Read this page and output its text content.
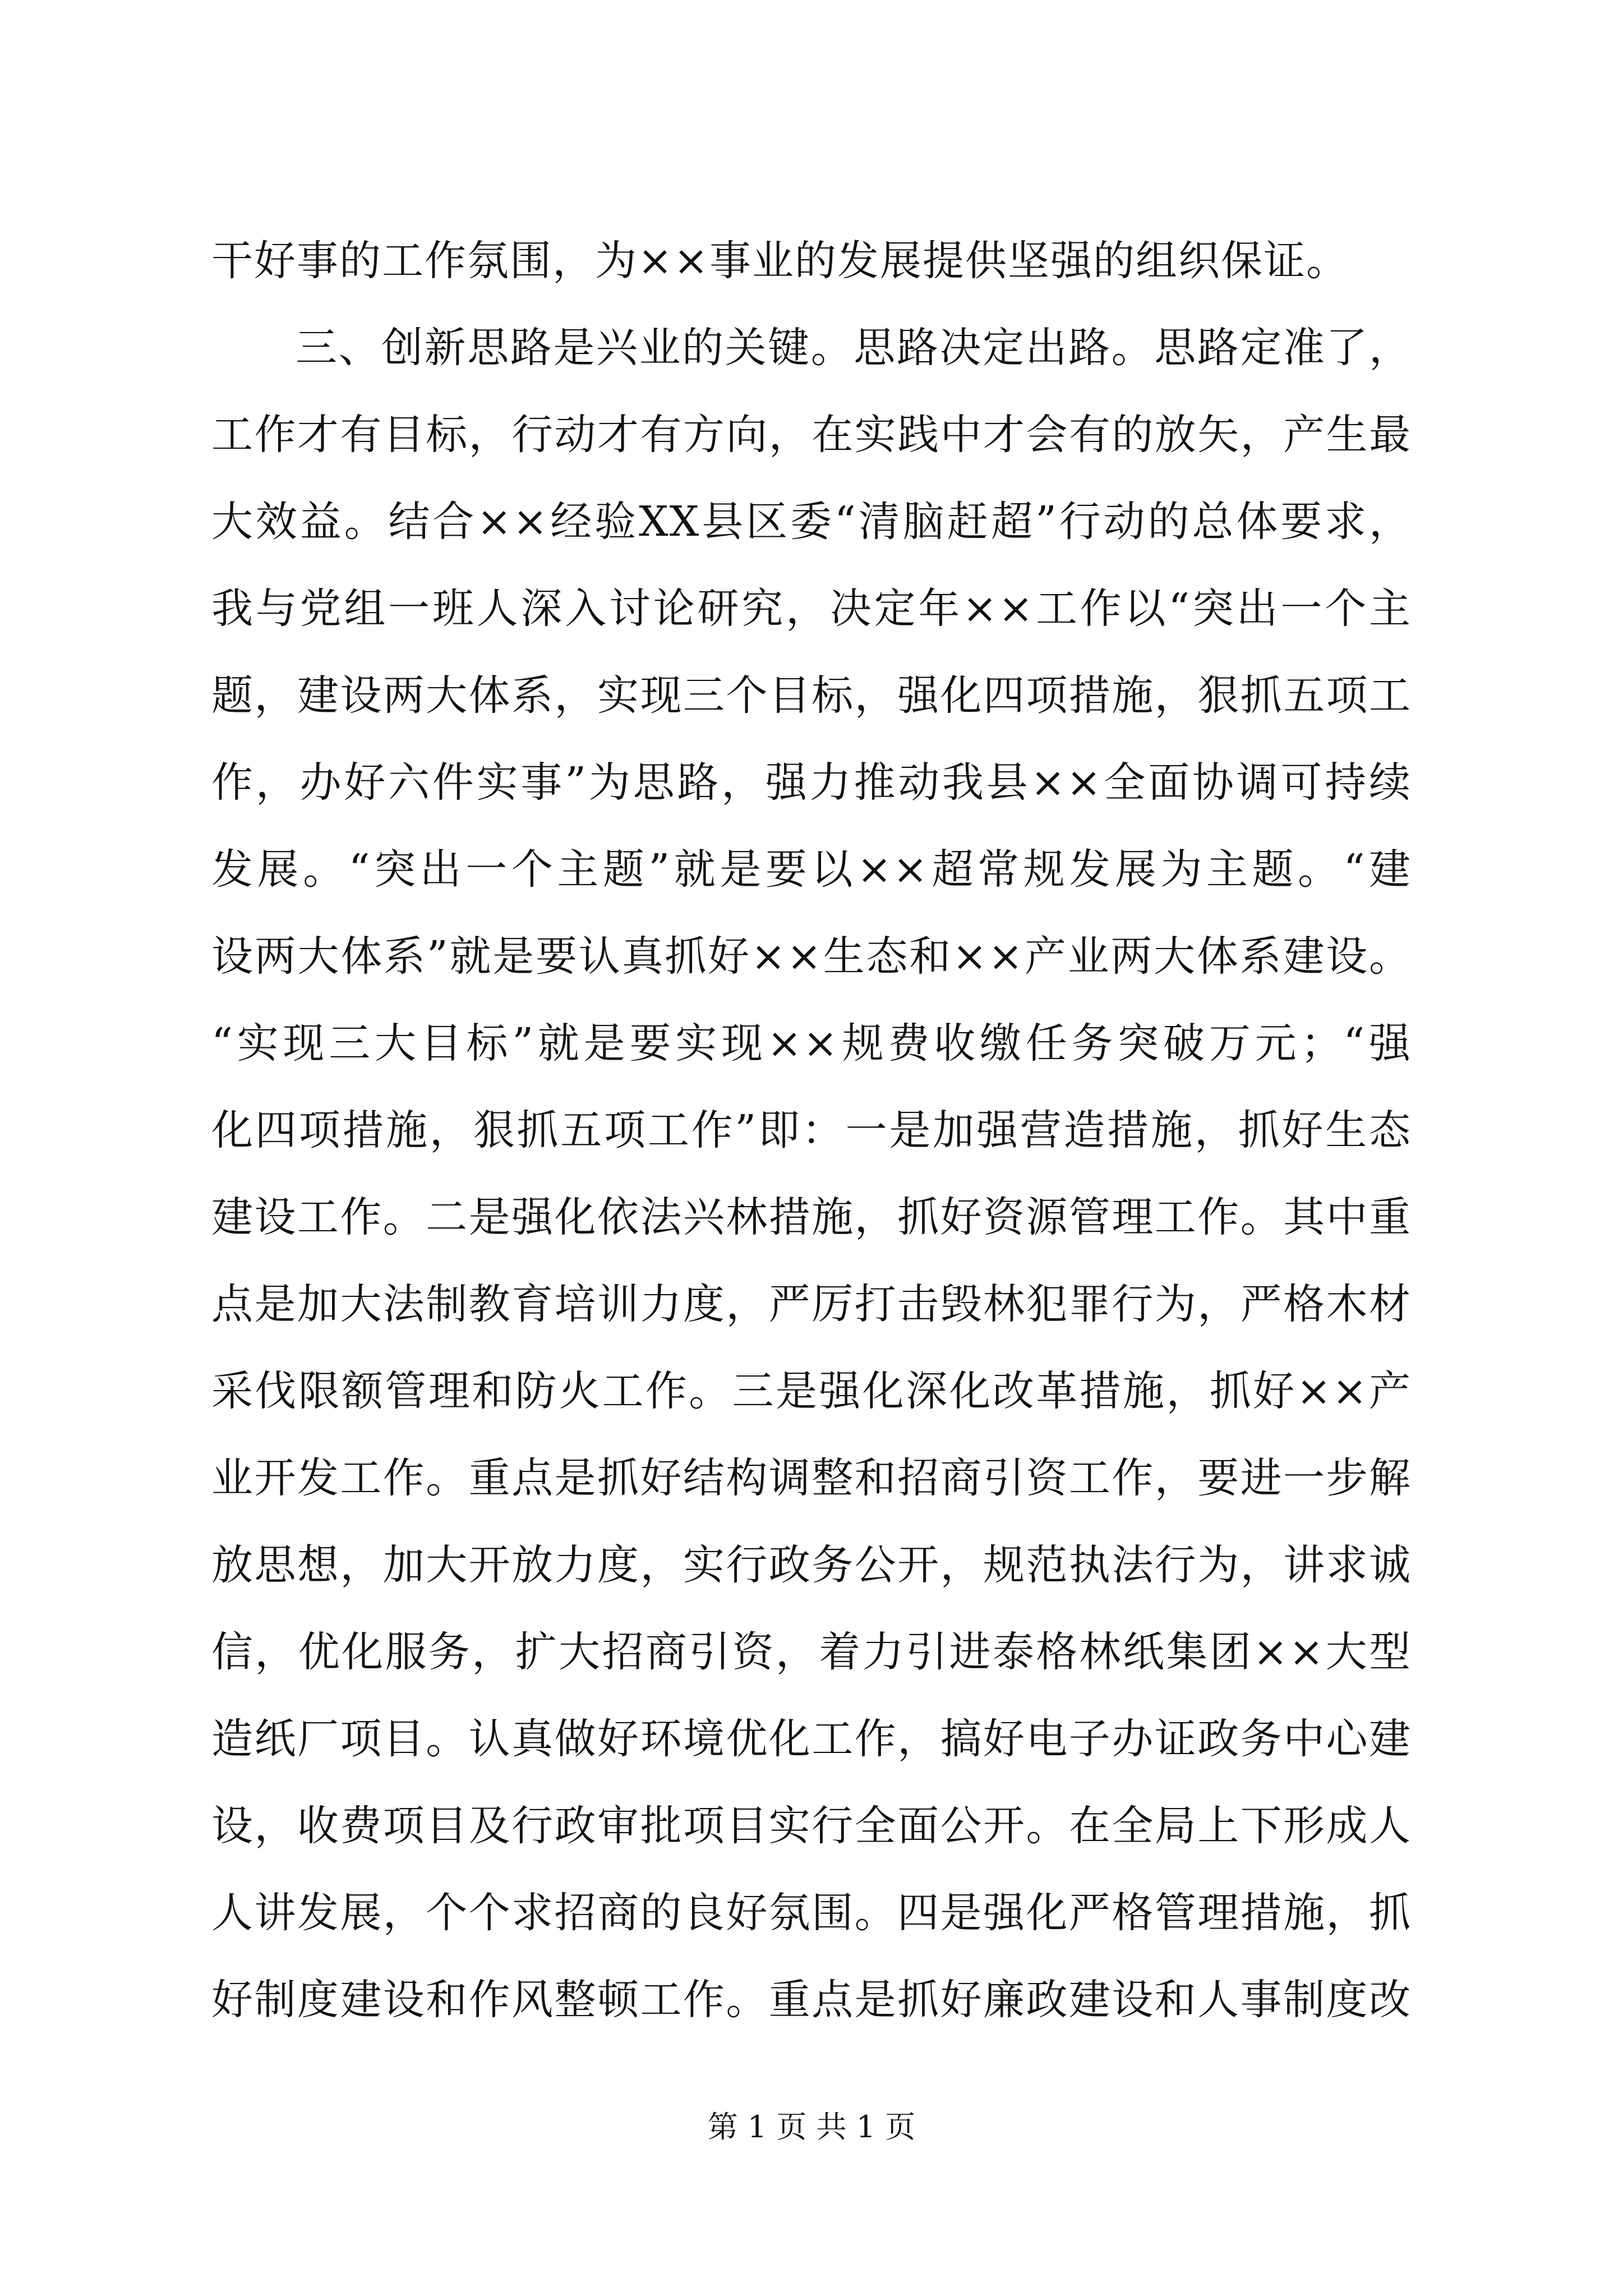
干好事的工作氛围，为××事业的发展提供坚强的组织保证。
三、创新思路是兴业的关键。思路决定出路。思路定准了，
工作才有目标，行动才有方向，在实践中才会有的放矢，产生最
大效益。结合××经验XX县区委“清脑赶超”行动的总体要求，
我与党组一班人深入讨论研究，决定年××工作以“突出一个主
题，建设两大体系，实现三个目标，强化四项措施，狠抓五项工
作，办好六件实事”为思路，强力推动我县××全面协调可持续
发展。“突出一个主题”就是要以××超常规发展为主题。“建
设两大体系”就是要认真抓好××生态和××产业两大体系建设。
“实现三大目标”就是要实现××规费收缴任务突破万元；“强
化四项措施，狠抓五项工作”即：一是加强营造措施，抓好生态
建设工作。二是强化依法兴林措施，抓好资源管理工作。其中重
点是加大法制教育培训力度，严厉打击毁林犯罪行为，严格木材
采伐限额管理和防火工作。三是强化深化改革措施，抓好××产
业开发工作。重点是抓好结构调整和招商引资工作，要进一步解
放思想，加大开放力度，实行政务公开，规范执法行为，讲求诚
信，优化服务，扩大招商引资，着力引进泰格林纸集团××大型
造纸厂项目。认真做好环境优化工作，搞好电子办证政务中心建
设，收费项目及行政审批项目实行全面公开。在全局上下形成人
人讲发展，个个求招商的良好氛围。四是强化严格管理措施，抓
好制度建设和作风整顿工作。重点是抓好廉政建设和人事制度改
第 1 页 共 1 页
